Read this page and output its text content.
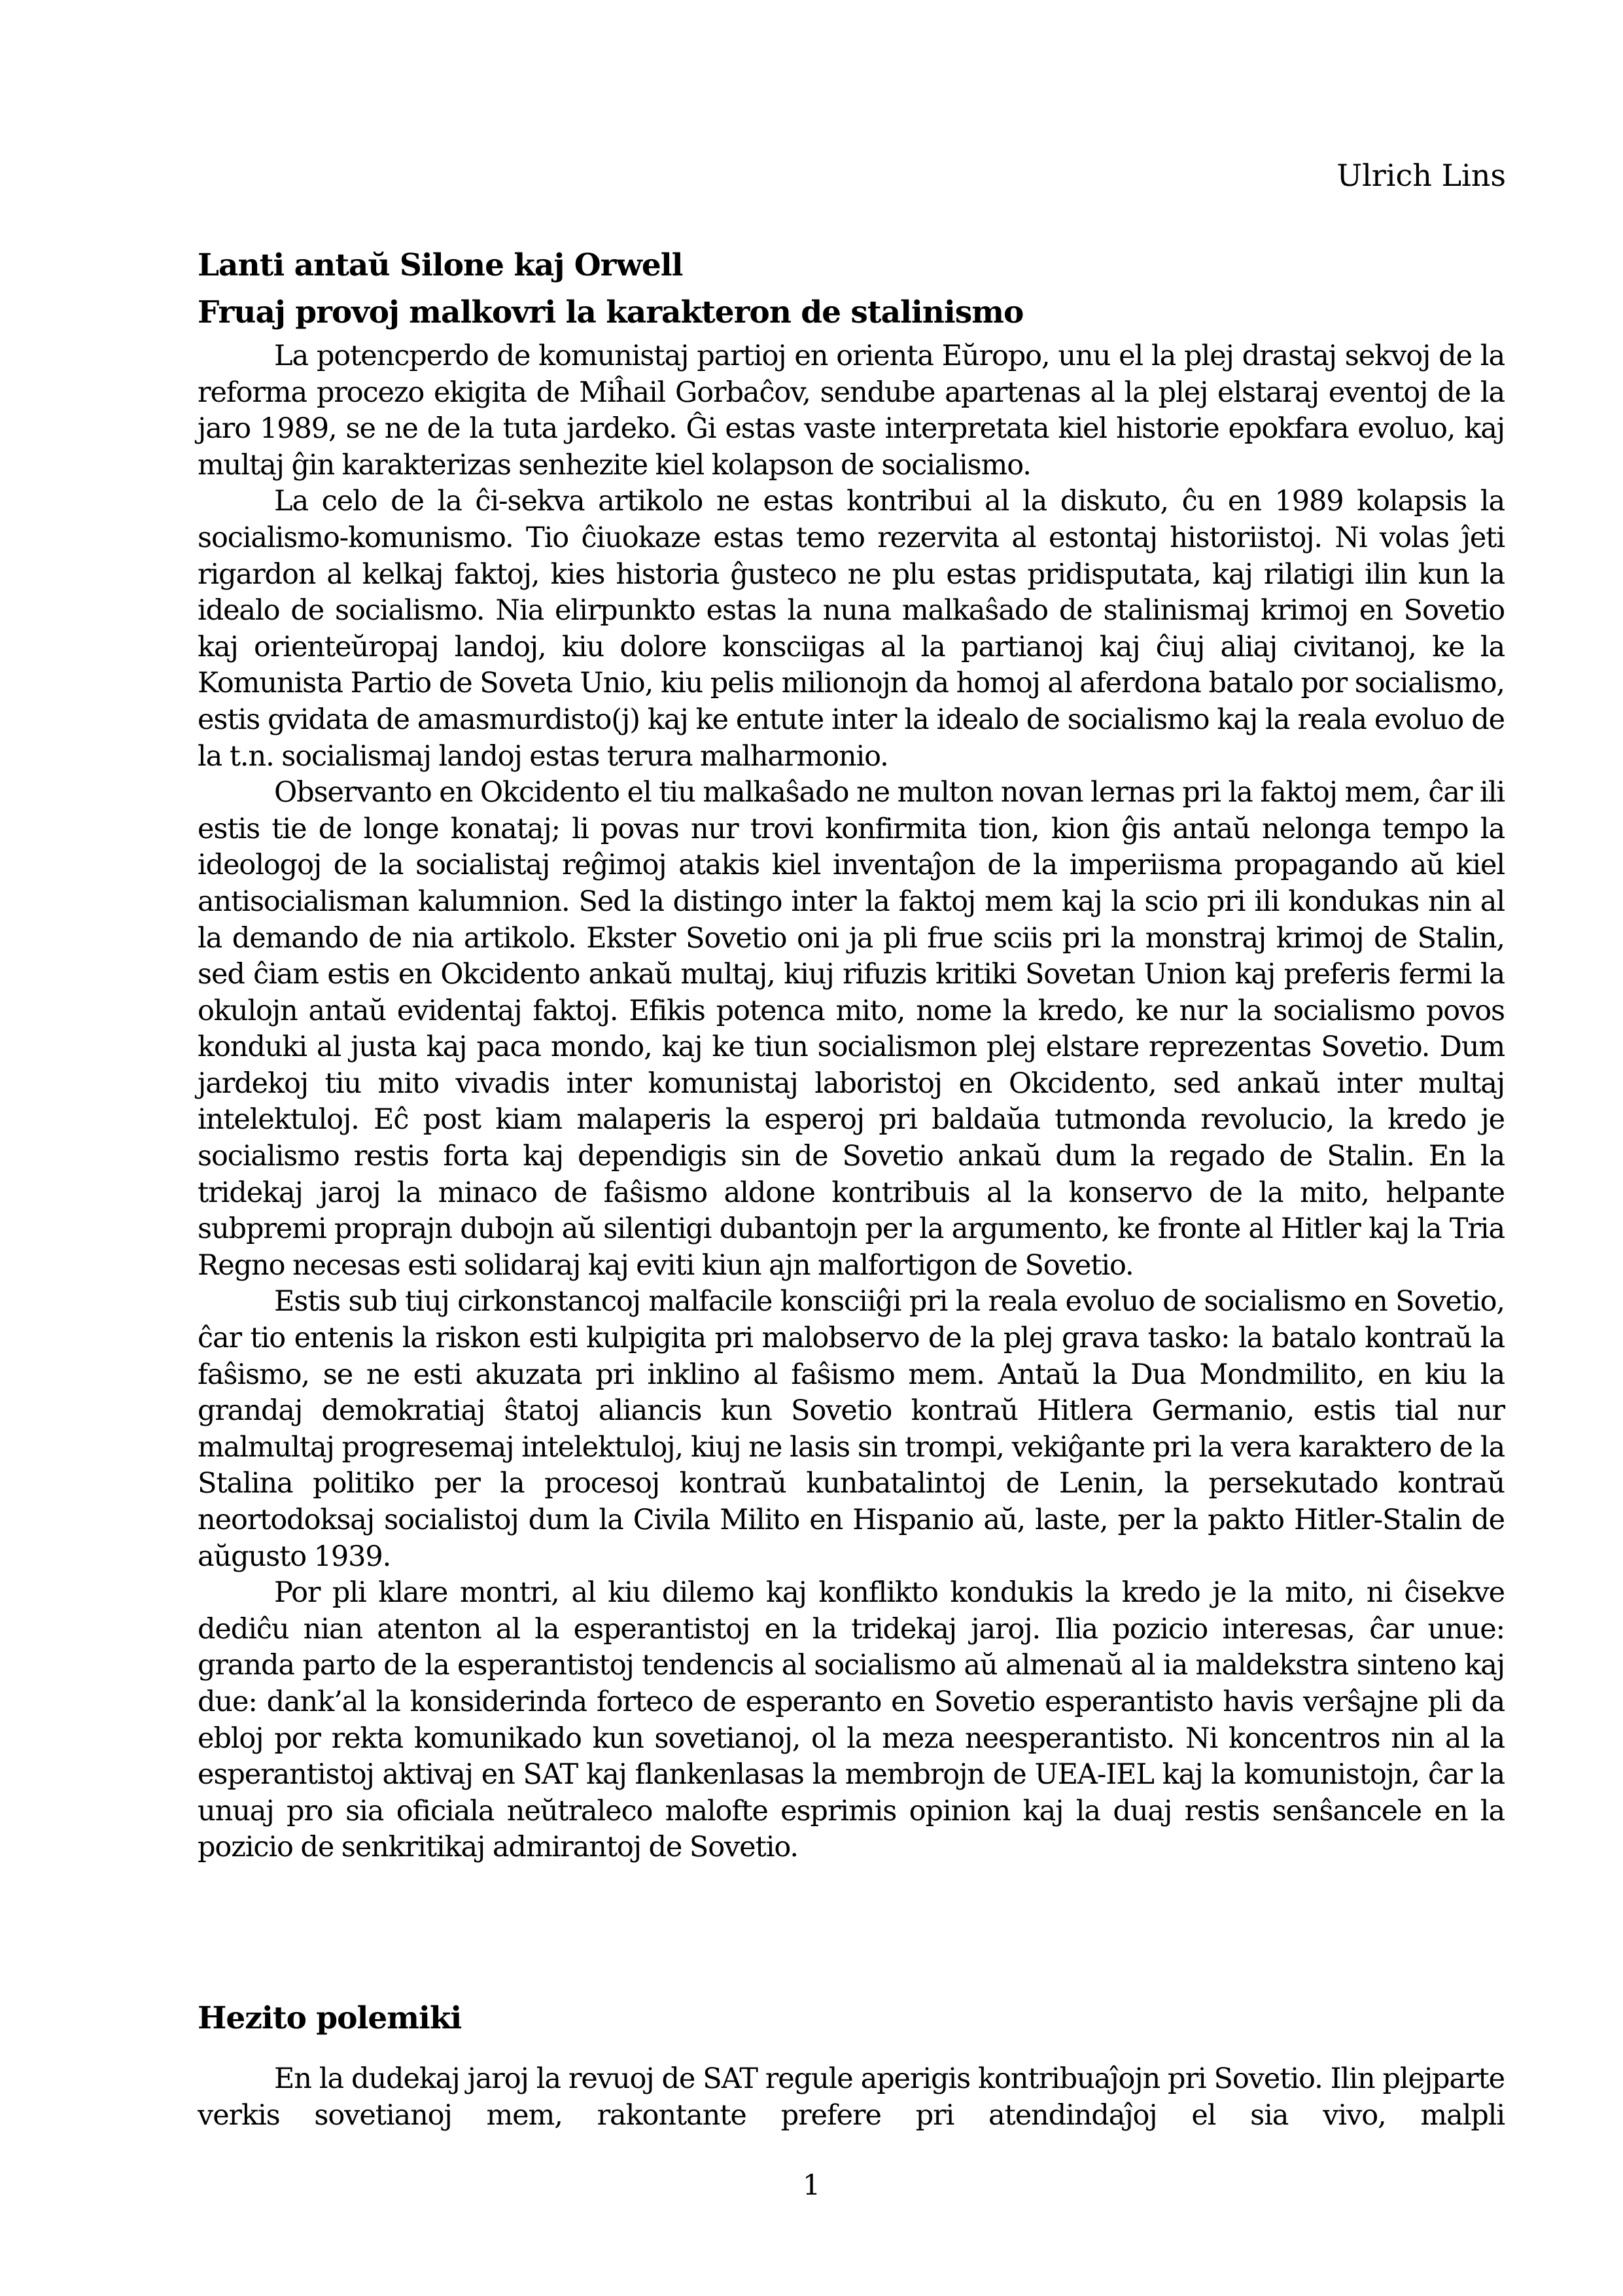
Ulrich Lins
Lanti antaŭ Silone kaj Orwell
Fruaj provoj malkovri la karakteron de stalinismo

La potencperdo de komunistaj partioj en orienta Eŭropo, unu el la plej drastaj sekvoj de la reforma procezo ekigita de Miĥail Gorbaĉov, sendube apartenas al la plej elstaraj eventoj de la jaro 1989, se ne de la tuta jardeko. Ĝi estas vaste interpretata kiel historie epokfara evoluo, kaj multaj ĝin karakterizas senhezite kiel kolapson de socialismo.

La celo de la ĉi-sekva artikolo ne estas kontribui al la diskuto, ĉu en 1989 kolapsis la socialismo-komunismo. Tio ĉiuokaze estas temo rezervita al estontaj historiistoj. Ni volas ĵeti rigardon al kelkaj faktoj, kies historia ĝusteco ne plu estas pridisputata, kaj rilatigi ilin kun la idealo de socialismo. Nia elirpunkto estas la nuna malkaŝado de stalinismaj krimoj en Sovetio kaj orienteŭropaj landoj, kiu dolore konsciigas al la partianoj kaj ĉiuj aliaj civitanoj, ke la Komunista Partio de Soveta Unio, kiu pelis milionojn da homoj al aferdona batalo por socialismo, estis gvidata de amasmurdisto(j) kaj ke entute inter la idealo de socialismo kaj la reala evoluo de la t.n. socialismaj landoj estas terura malharmonio.

Observanto en Okcidento el tiu malkaŝado ne multon novan lernas pri la faktoj mem, ĉar ili estis tie de longe konataj; li povas nur trovi konfirmita tion, kion ĝis antaŭ nelonga tempo la ideologoj de la socialistaj reĝimoj atakis kiel inventaĵon de la imperiisma propagando aŭ kiel antisocialisman kalumnion. Sed la distingo inter la faktoj mem kaj la scio pri ili kondukas nin al la demando de nia artikolo. Ekster Sovetio oni ja pli frue sciis pri la monstraj krimoj de Stalin, sed ĉiam estis en Okcidento ankaŭ multaj, kiuj rifuzis kritiki Sovetan Union kaj preferis fermi la okulojn antaŭ evidentaj faktoj. Efikis potenca mito, nome la kredo, ke nur la socialismo povos konduki al justa kaj paca mondo, kaj ke tiun socialismon plej elstare reprezentas Sovetio. Dum jardekoj tiu mito vivadis inter komunistaj laboristoj en Okcidento, sed ankaŭ inter multaj intelektuloj. Eĉ post kiam malaperis la esperoj pri baldaŭa tutmonda revolucio, la kredo je socialismo restis forta kaj dependigis sin de Sovetio ankaŭ dum la regado de Stalin. En la tridekaj jaroj la minaco de faŝismo aldone kontribuis al la konservo de la mito, helpante subpremi proprajn dubojn aŭ silentigi dubantojn per la argumento, ke fronte al Hitler kaj la Tria Regno necesas esti solidaraj kaj eviti kiun ajn malfortigon de Sovetio.

Estis sub tiuj cirkonstancoj malfacile konsciiĝi pri la reala evoluo de socialismo en Sovetio, ĉar tio entenis la riskon esti kulpigita pri malobservo de la plej grava tasko: la batalo kontraŭ la faŝismo, se ne esti akuzata pri inklino al faŝismo mem. Antaŭ la Dua Mondmilito, en kiu la grandaj demokratiaj ŝtatoj aliancis kun Sovetio kontraŭ Hitlera Germanio, estis tial nur malmultaj progresemaj intelektuloj, kiuj ne lasis sin trompi, vekiĝante pri la vera karaktero de la Stalina politiko per la procesoj kontraŭ kunbatalintoj de Lenin, la persekutado kontraŭ neortodoksaj socialistoj dum la Civila Milito en Hispanio aŭ, laste, per la pakto Hitler-Stalin de aŭgusto 1939.

Por pli klare montri, al kiu dilemo kaj konflikto kondukis la kredo je la mito, ni ĉisekve dediĉu nian atenton al la esperantistoj en la tridekaj jaroj. Ilia pozicio interesas, ĉar unue: granda parto de la esperantistoj tendencis al socialismo aŭ almenaŭ al ia maldekstra sinteno kaj due: dank’al la konsiderinda forteco de esperanto en Sovetio esperantisto havis verŝajne pli da ebloj por rekta komunikado kun sovetianoj, ol la meza neesperantisto. Ni koncentros nin al la esperantistoj aktivaj en SAT kaj flankenlasas la membrojn de UEA-IEL kaj la komunistojn, ĉar la unuaj pro sia oficiala neŭtraleco malofte esprimis opinion kaj la duaj restis senŝancele en la pozicio de senkritikaj admirantoj de Sovetio.

Hezito polemiki

En la dudekaj jaroj la revuoj de SAT regule aperigis kontribuaĵojn pri Sovetio. Ilin plejparte verkis sovetianoj mem, rakontante prefere pri atendindaĵoj el sia vivo, malpli

1
